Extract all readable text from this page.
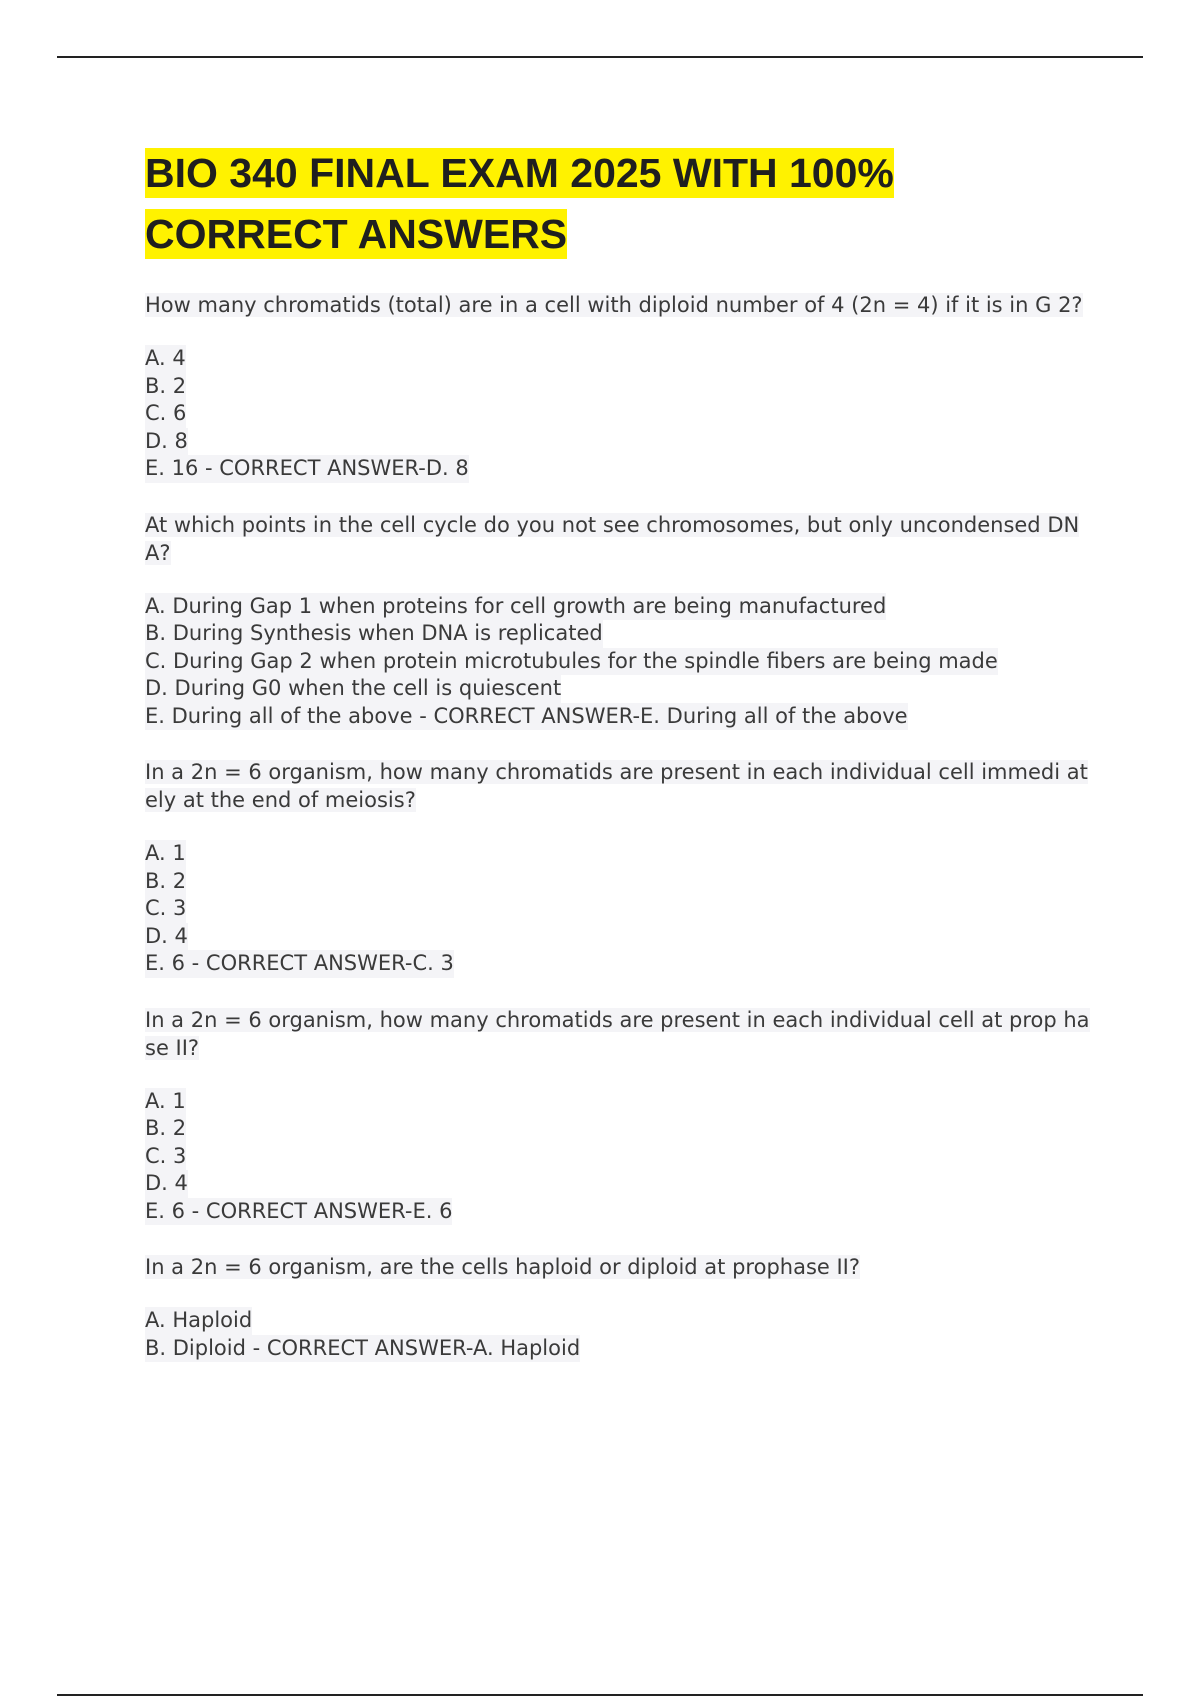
BIO 340 FINAL EXAM 2025 WITH 100% CORRECT ANSWERS
How many chromatids (total) are in a cell with diploid number of 4 (2n = 4) if it is in G 2?
A. 4
B. 2
C. 6
D. 8
E. 16 - CORRECT ANSWER-D. 8
At which points in the cell cycle do you not see chromosomes, but only uncondensed DNA?
A. During Gap 1 when proteins for cell growth are being manufactured
B. During Synthesis when DNA is replicated
C. During Gap 2 when protein microtubules for the spindle fibers are being made
D. During G0 when the cell is quiescent
E. During all of the above - CORRECT ANSWER-E. During all of the above
In a 2n = 6 organism, how many chromatids are present in each individual cell immedi ately at the end of meiosis?
A. 1
B. 2
C. 3
D. 4
E. 6 - CORRECT ANSWER-C. 3
In a 2n = 6 organism, how many chromatids are present in each individual cell at prop hase II?
A. 1
B. 2
C. 3
D. 4
E. 6 - CORRECT ANSWER-E. 6
In a 2n = 6 organism, are the cells haploid or diploid at prophase II?
A. Haploid
B. Diploid - CORRECT ANSWER-A. Haploid
